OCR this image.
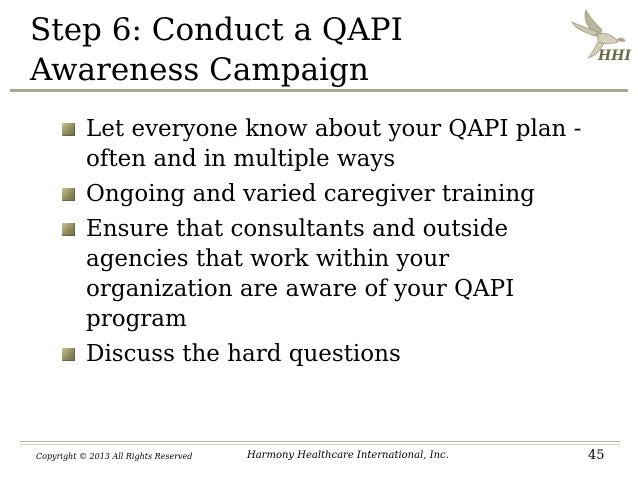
Step 6: Conduct a QAPI
Awareness Campaign	HHI
Let everyone know about your QAPI plan - often and in multiple ways
Ongoing and varied caregiver training
Ensure that consultants and outside agencies that work within your organization are aware of your QAPI program
Discuss the hard questions
Copyright © 2013 All Rights Reserved	Harmony Healthcare International, Inc.	45
